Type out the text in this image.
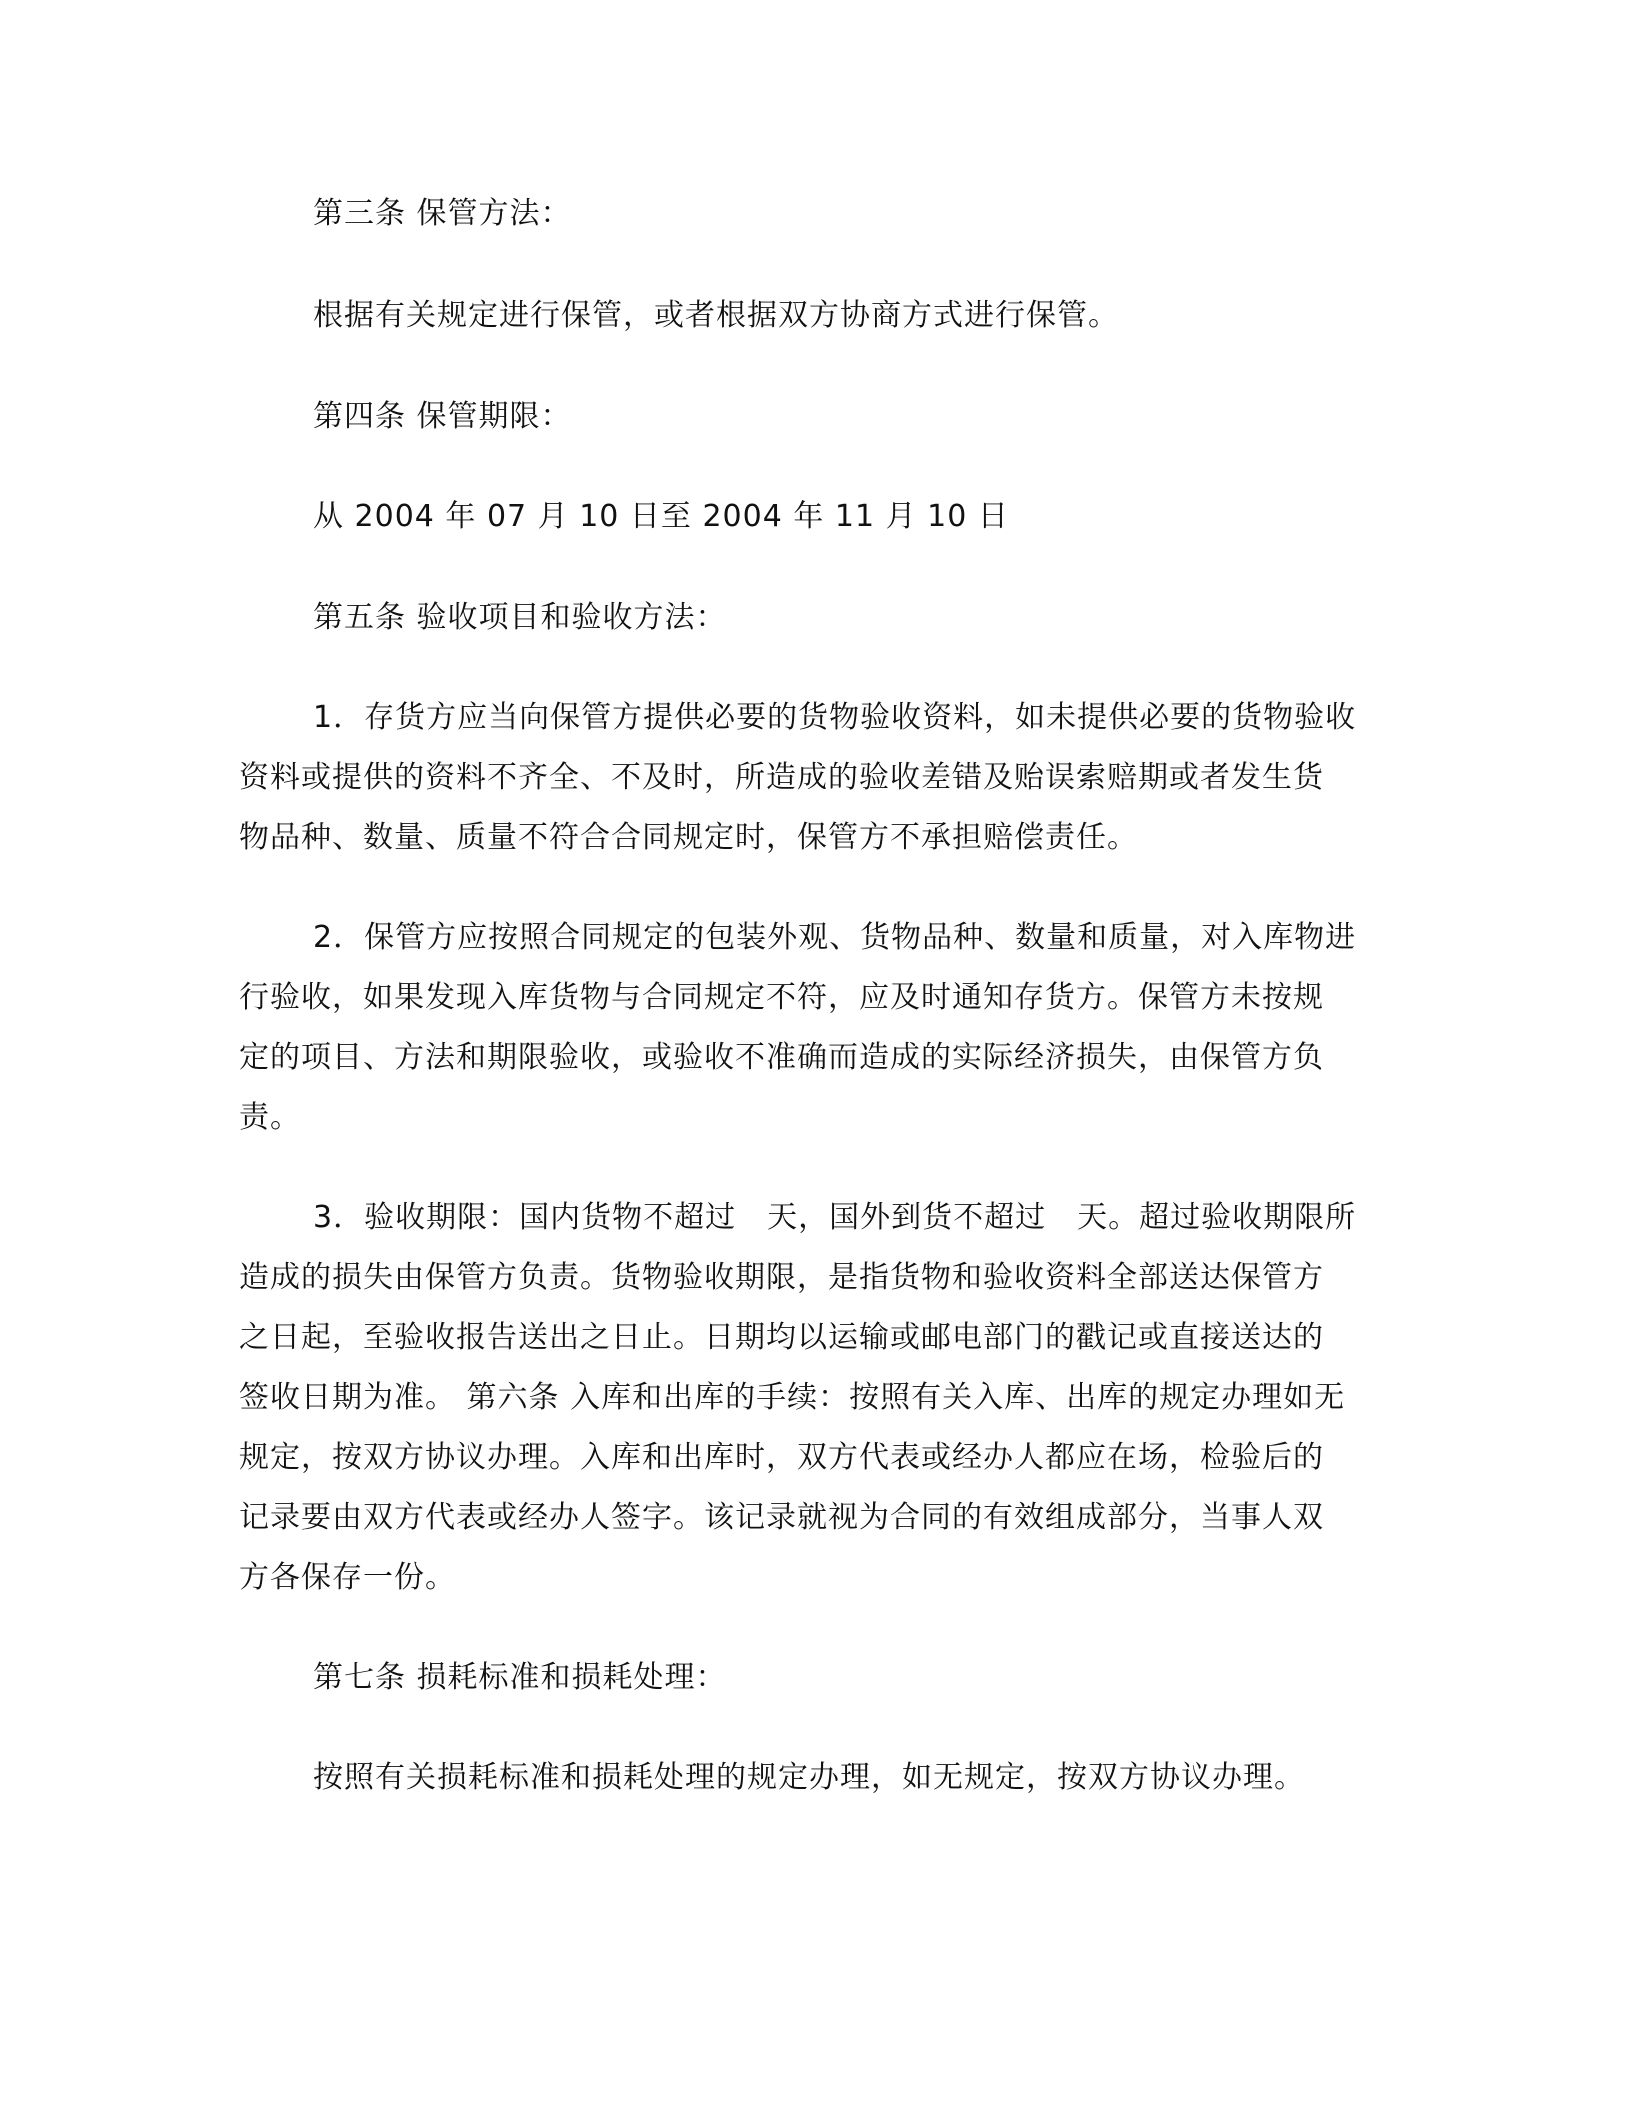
第三条 保管方法：
根据有关规定进行保管，或者根据双方协商方式进行保管。
第四条 保管期限：
从 2004 年 07 月 10 日至 2004 年 11 月 10 日
第五条 验收项目和验收方法：
1．存货方应当向保管方提供必要的货物验收资料，如未提供必要的货物验收
资料或提供的资料不齐全、不及时，所造成的验收差错及贻误索赔期或者发生货
物品种、数量、质量不符合合同规定时，保管方不承担赔偿责任。
2．保管方应按照合同规定的包装外观、货物品种、数量和质量，对入库物进
行验收，如果发现入库货物与合同规定不符，应及时通知存货方。保管方未按规
定的项目、方法和期限验收，或验收不准确而造成的实际经济损失，由保管方负
责。
3．验收期限：国内货物不超过　天，国外到货不超过　天。超过验收期限所
造成的损失由保管方负责。货物验收期限，是指货物和验收资料全部送达保管方
之日起，至验收报告送出之日止。日期均以运输或邮电部门的戳记或直接送达的
签收日期为准。 第六条 入库和出库的手续：按照有关入库、出库的规定办理如无
规定，按双方协议办理。入库和出库时，双方代表或经办人都应在场，检验后的
记录要由双方代表或经办人签字。该记录就视为合同的有效组成部分，当事人双
方各保存一份。
第七条 损耗标准和损耗处理：
按照有关损耗标准和损耗处理的规定办理，如无规定，按双方协议办理。
